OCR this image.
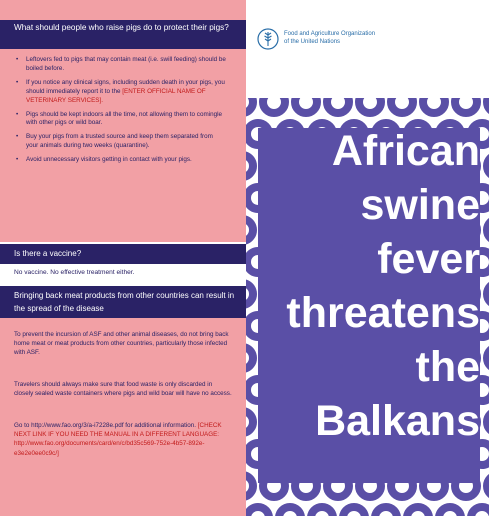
What should people who raise pigs do to protect their pigs?
• Leftovers fed to pigs that may contain meat (i.e. swill feeding) should be boiled before.
• If you notice any clinical signs, including sudden death in your pigs, you should immediately report it to the [ENTER OFFICIAL NAME OF VETERINARY SERVICES].
• Pigs should be kept indoors all the time, not allowing them to comingle with other pigs or wild boar.
• Buy your pigs from a trusted source and keep them separated from your animals during two weeks (quarantine).
• Avoid unnecessary visitors getting in contact with your pigs.
Is there a vaccine?
No vaccine. No effective treatment either.
Bringing back meat products from other countries can result in the spread of the disease

To prevent the incursion of ASF and other animal diseases, do not bring back home meat or meat products from other countries, particularly those infected with ASF.

Travelers should always make sure that food waste is only discarded in closely sealed waste containers where pigs and wild boar will have no access.

Go to http://www.fao.org/3/a-i7228e.pdf for additional information. [CHECK NEXT LINK IF YOU NEED THE MANUAL IN A DIFFERENT LANGUAGE: http://www.fao.org/documents/card/en/c/bd35c569-752e-4b57-892e-e3e2e0ee0c9c/]

Food and Agriculture Organization
of the United Nations
African
swine
fever
threatens
the
Balkans
